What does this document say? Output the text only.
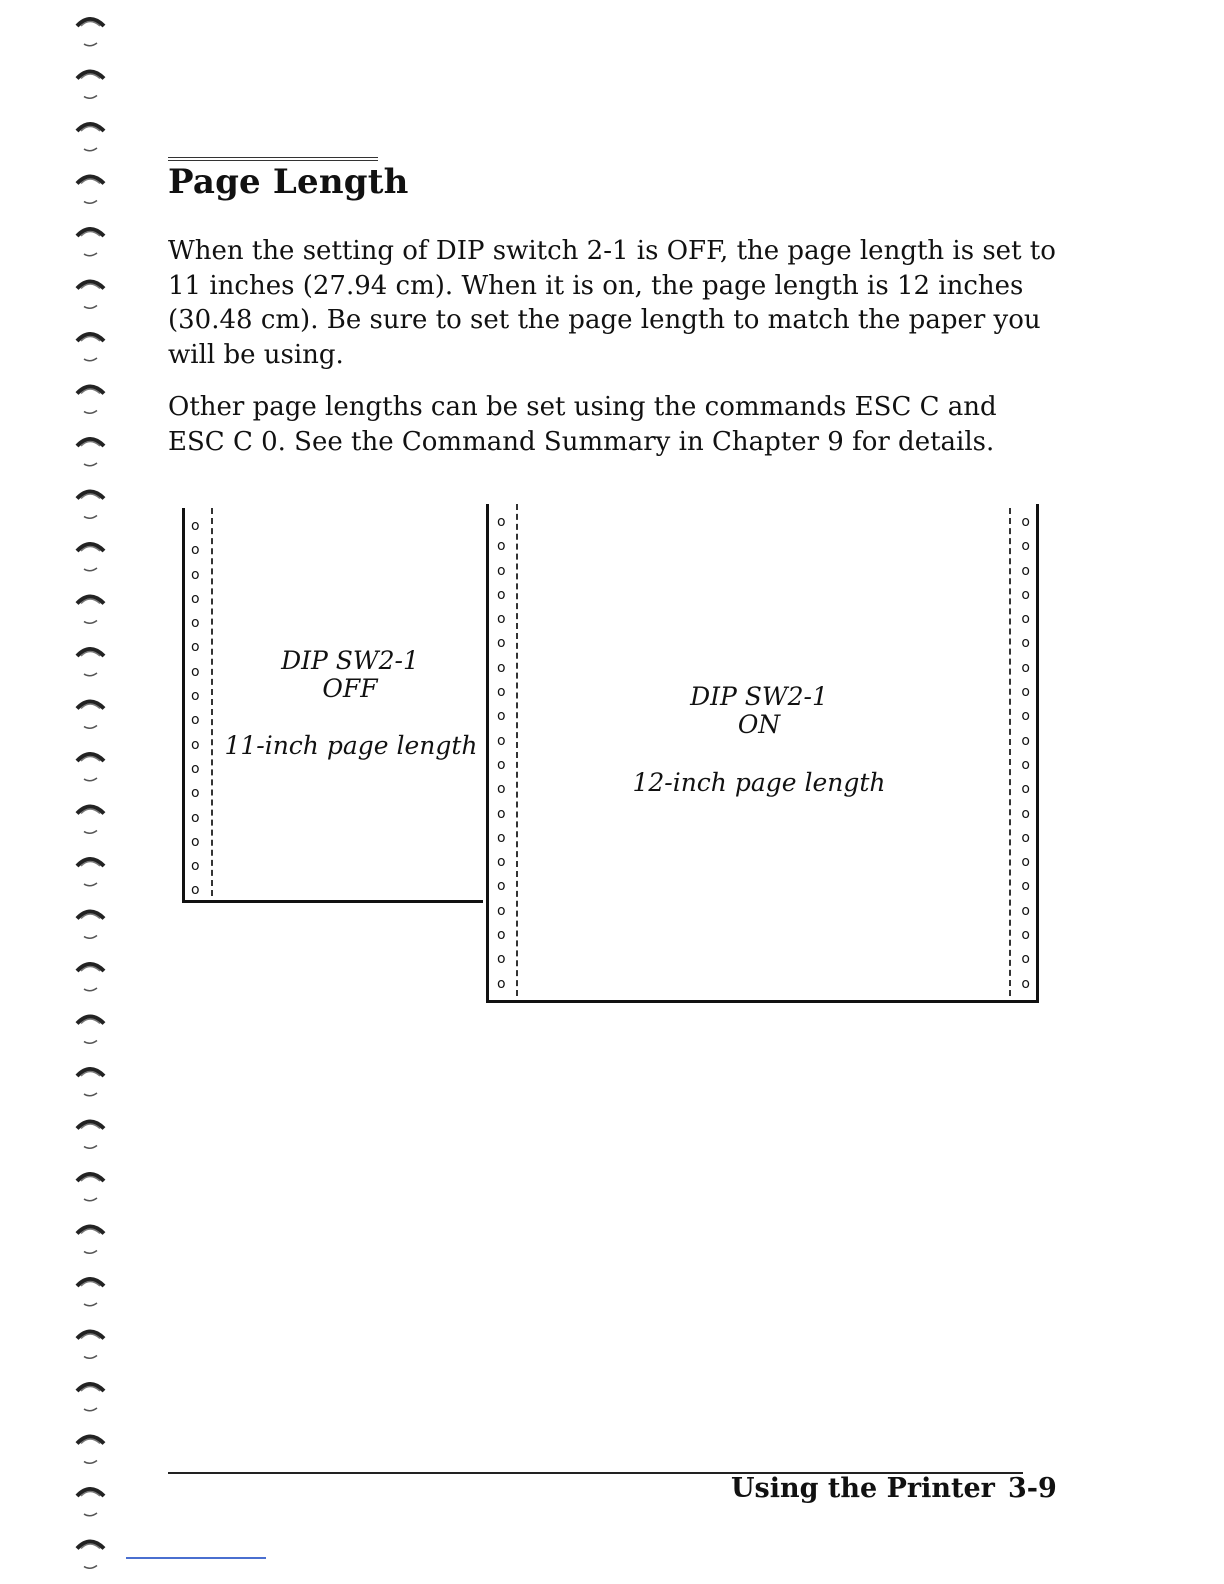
Page Length

When the setting of DIP switch 2-1 is OFF, the page length is set to 11 inches (27.94 cm). When it is on, the page length is 12 inches (30.48 cm). Be sure to set the page length to match the paper you will be using.

Other page lengths can be set using the commands ESC C and ESC C 0. See the Command Summary in Chapter 9 for details.

o
o
o
o
o
o
o
o
o
o
o
o
o
o
o
o
DIP SW2-1
OFF
11-inch page length
o
o
o
o
o
o
o
o
o
o
o
o
o
o
o
o
o
o
o
o
o
o
o
o
o
o
o
o
o
o
o
o
o
o
o
o
o
o
o
o
DIP SW2-1
ON
12-inch page length
Using the Printer 3-9
